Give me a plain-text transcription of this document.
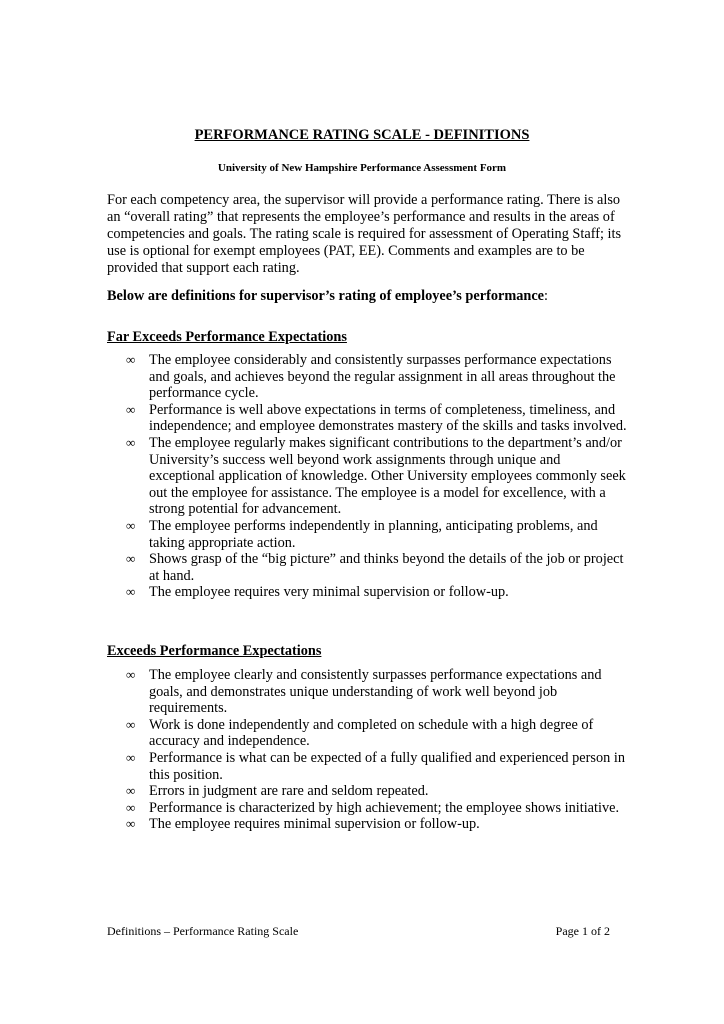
PERFORMANCE RATING SCALE - DEFINITIONS

University of New Hampshire Performance Assessment Form

For each competency area, the supervisor will provide a performance rating. There is also an “overall rating” that represents the employee’s performance and results in the areas of competencies and goals. The rating scale is required for assessment of Operating Staff; its use is optional for exempt employees (PAT, EE). Comments and examples are to be provided that support each rating.

Below are definitions for supervisor’s rating of employee’s performance:

Far Exceeds Performance Expectations

∞ The employee considerably and consistently surpasses performance expectations and goals, and achieves beyond the regular assignment in all areas throughout the performance cycle.
∞ Performance is well above expectations in terms of completeness, timeliness, and independence; and employee demonstrates mastery of the skills and tasks involved.
∞ The employee regularly makes significant contributions to the department’s and/or University’s success well beyond work assignments through unique and exceptional application of knowledge. Other University employees commonly seek out the employee for assistance. The employee is a model for excellence, with a strong potential for advancement.
∞ The employee performs independently in planning, anticipating problems, and taking appropriate action.
∞ Shows grasp of the “big picture” and thinks beyond the details of the job or project at hand.
∞ The employee requires very minimal supervision or follow-up.

Exceeds Performance Expectations

∞ The employee clearly and consistently surpasses performance expectations and goals, and demonstrates unique understanding of work well beyond job requirements.
∞ Work is done independently and completed on schedule with a high degree of accuracy and independence.
∞ Performance is what can be expected of a fully qualified and experienced person in this position.
∞ Errors in judgment are rare and seldom repeated.
∞ Performance is characterized by high achievement; the employee shows initiative.
∞ The employee requires minimal supervision or follow-up.

Definitions – Performance Rating Scale	Page 1 of 2
